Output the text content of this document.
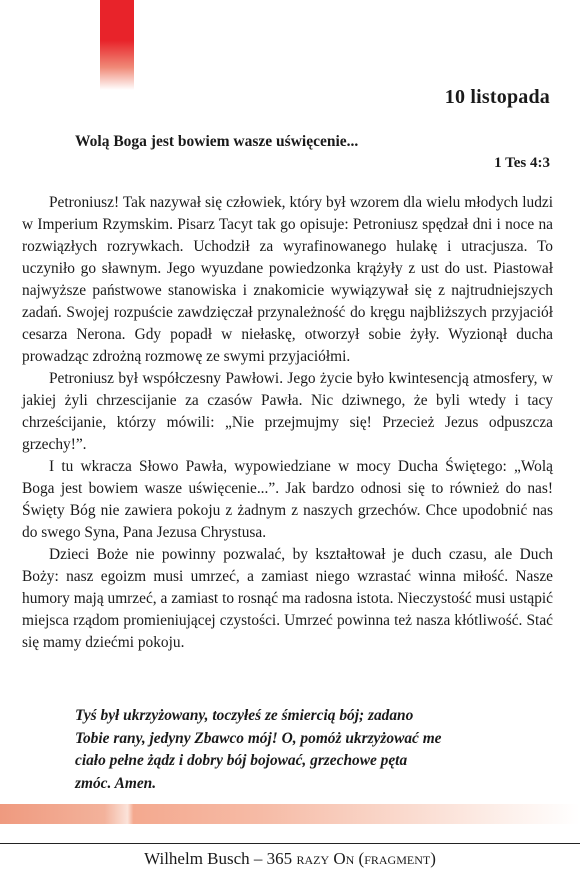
10 listopada
Wolą Boga jest bowiem wasze uświęcenie...
1 Tes 4:3

Petroniusz! Tak nazywał się człowiek, który był wzorem dla wielu młodych ludzi w Imperium Rzymskim. Pisarz Tacyt tak go opisuje: Petroniusz spędzał dni i noce na rozwiązłych rozrywkach. Uchodził za wyrafinowanego hulakę i utracjusza. To uczyniło go sławnym. Jego wyuzdane powiedzonka krążyły z ust do ust. Piastował najwyższe państwowe stanowiska i znakomicie wywiązywał się z najtrudniejszych zadań. Swojej rozpuście zawdzięczał przynależność do kręgu najbliższych przyjaciół cesarza Nerona. Gdy popadł w niełaskę, otworzył sobie żyły. Wyzionął ducha prowadząc zdrożną rozmowę ze swymi przyjaciółmi.

Petroniusz był współczesny Pawłowi. Jego życie było kwintesencją atmosfery, w jakiej żyli chrzescijanie za czasów Pawła. Nic dziwnego, że byli wtedy i tacy chrześcijanie, którzy mówili: „Nie przejmujmy się! Przecież Jezus odpuszcza grzechy!”.

I tu wkracza Słowo Pawła, wypowiedziane w mocy Ducha Świętego: „Wolą Boga jest bowiem wasze uświęcenie...”. Jak bardzo odnosi się to również do nas! Święty Bóg nie zawiera pokoju z żadnym z naszych grzechów. Chce upodobnić nas do swego Syna, Pana Jezusa Chrystusa.

Dzieci Boże nie powinny pozwalać, by kształtował je duch czasu, ale Duch Boży: nasz egoizm musi umrzeć, a zamiast niego wzrastać winna miłość. Nasze humory mają umrzeć, a zamiast to rosnąć ma radosna istota. Nieczystość musi ustąpić miejsca rządom promieniującej czystości. Umrzeć powinna też nasza kłótliwość. Stać się mamy dziećmi pokoju.

Tyś był ukrzyżowany, toczyłeś ze śmiercią bój; zadano
Tobie rany, jedyny Zbawco mój! O, pomóż ukrzyżować me
ciało pełne żądz i dobry bój bojować, grzechowe pęta
zmóc. Amen.
Wilhelm Busch – 365 razy On (fragment)
